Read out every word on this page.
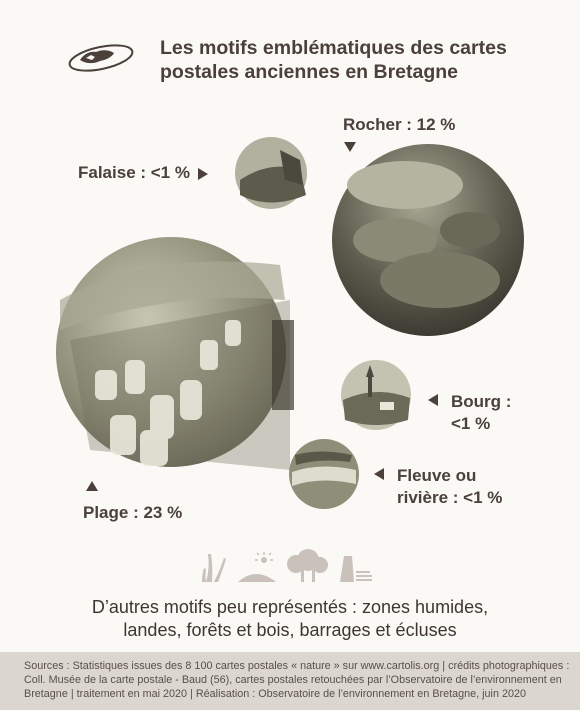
Les motifs emblématiques des cartes
postales anciennes en Bretagne
Falaise : <1 %
Rocher : 12 %
Bourg :
<1 %
Fleuve ou
rivière : <1 %
Plage : 23 %
D’autres motifs peu représentés : zones humides,
landes, forêts et bois, barrages et écluses
Sources : Statistiques issues des 8 100 cartes postales « nature » sur www.cartolis.org | crédits photographiques :
Coll. Musée de la carte postale - Baud (56), cartes postales retouchées par l’Observatoire de l’environnement en
Bretagne | traitement en mai 2020 | Réalisation : Observatoire de l’environnement en Bretagne, juin 2020
